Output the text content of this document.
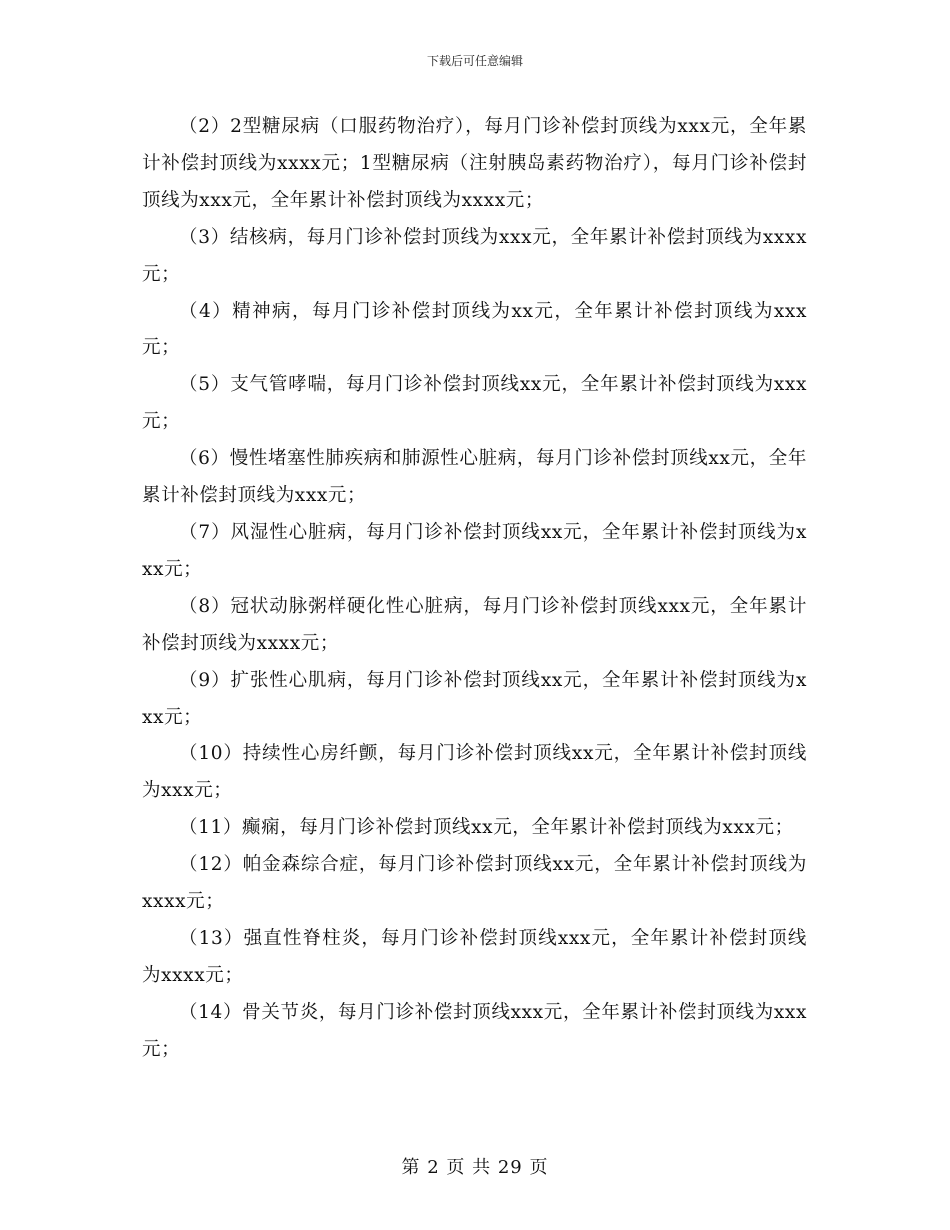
下载后可任意编辑

（2）2型糖尿病（口服药物治疗），每月门诊补偿封顶线为xxx元，全年累计补偿封顶线为xxxx元；1型糖尿病（注射胰岛素药物治疗），每月门诊补偿封顶线为xxx元，全年累计补偿封顶线为xxxx元；

（3）结核病，每月门诊补偿封顶线为xxx元，全年累计补偿封顶线为xxxx元；

（4）精神病，每月门诊补偿封顶线为xx元，全年累计补偿封顶线为xxx元；

（5）支气管哮喘，每月门诊补偿封顶线xx元，全年累计补偿封顶线为xxx元；

（6）慢性堵塞性肺疾病和肺源性心脏病，每月门诊补偿封顶线xx元，全年累计补偿封顶线为xxx元；

（7）风湿性心脏病，每月门诊补偿封顶线xx元，全年累计补偿封顶线为xxx元；

（8）冠状动脉粥样硬化性心脏病，每月门诊补偿封顶线xxx元，全年累计补偿封顶线为xxxx元；

（9）扩张性心肌病，每月门诊补偿封顶线xx元，全年累计补偿封顶线为xxx元；

（10）持续性心房纤颤，每月门诊补偿封顶线xx元，全年累计补偿封顶线为xxx元；

（11）癫痫，每月门诊补偿封顶线xx元，全年累计补偿封顶线为xxx元；

（12）帕金森综合症，每月门诊补偿封顶线xx元，全年累计补偿封顶线为xxxx元；

（13）强直性脊柱炎，每月门诊补偿封顶线xxx元，全年累计补偿封顶线为xxxx元；

（14）骨关节炎，每月门诊补偿封顶线xxx元，全年累计补偿封顶线为xxx元；

第 2 页 共 29 页
